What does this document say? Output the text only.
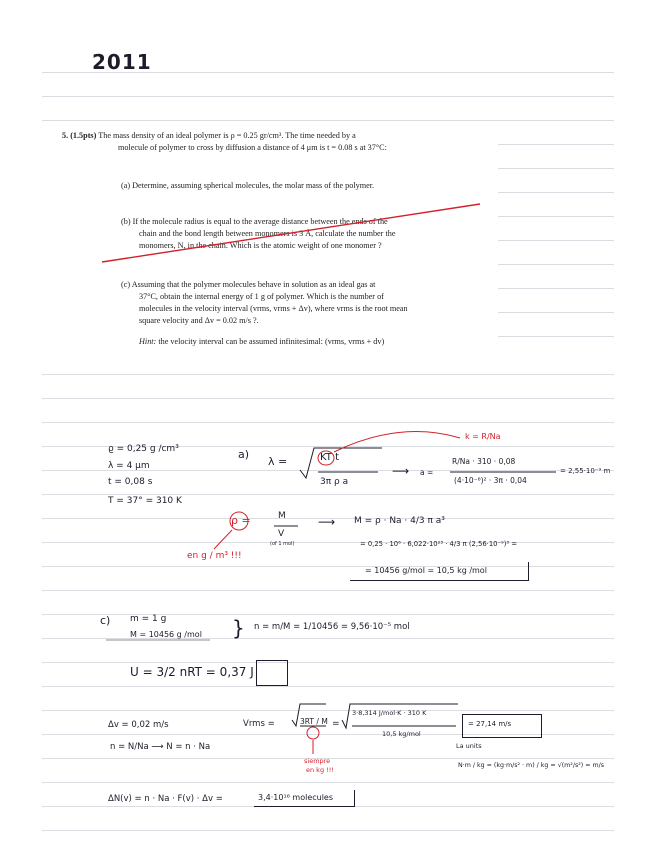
2011
5. (1.5pts) The mass density of an ideal polymer is ρ = 0.25 gr/cm³. The time needed by a
molecule of polymer to cross by diffusion a distance of 4 μm is t = 0.08 s at 37°C:
(a) Determine, assuming spherical molecules, the molar mass of the polymer.
(b) If the molecule radius is equal to the average distance between the ends of the
chain and the bond length between monomers is 3 Å, calculate the number the
monomers, N, in the chain. Which is the atomic weight of one monomer ?
(c) Assuming that the polymer molecules behave in solution as an ideal gas at
37°C, obtain the internal energy of 1 g of polymer. Which is the number of
molecules in the velocity interval (vrms, vrms + Δv), where vrms is the root mean
square velocity and Δv = 0.02 m/s ?.
Hint: the velocity interval can be assumed infinitesimal: (vrms, vrms + dv)
ϱ = 0,25 g /cm³
λ = 4 μm
t = 0,08 s
T = 37° = 310 K
a)
λ =	KT t
3π ρ a
k = R/Na
⟶ a =
R/Na · 310 · 0,08
(4·10⁻⁶)² · 3π · 0,04
= 2,55·10⁻⁹ m
ρ =	M
V
(of 1 mol)
⟶ M = ρ · Na · 4/3 π a³
= 0,25 · 10⁶ · 6,022·10²³ · 4/3 π (2,56·10⁻⁹)³ =
= 10456 g/mol = 10,5 kg /mol
en g / m³ !!!
c) m = 1 g
M = 10456 g /mol } n = m/M = 1/10456 = 9,56·10⁻⁵ mol
U = 3/2 nRT = 0,37 J
Δv = 0,02 m/s	Vrms =	3RT / M =
3·8,314 J/mol·K · 310 K
10,5 kg/mol
= 27,14 m/s
siempre
en kg !!!
La units
N·m / kg = (kg·m/s² · m) / kg = √(m²/s²) = m/s
n = N/Na ⟶ N = n · Na
ΔN(v) = n · Na · F(v) · Δv =	3,4·10¹⁶ molecules
